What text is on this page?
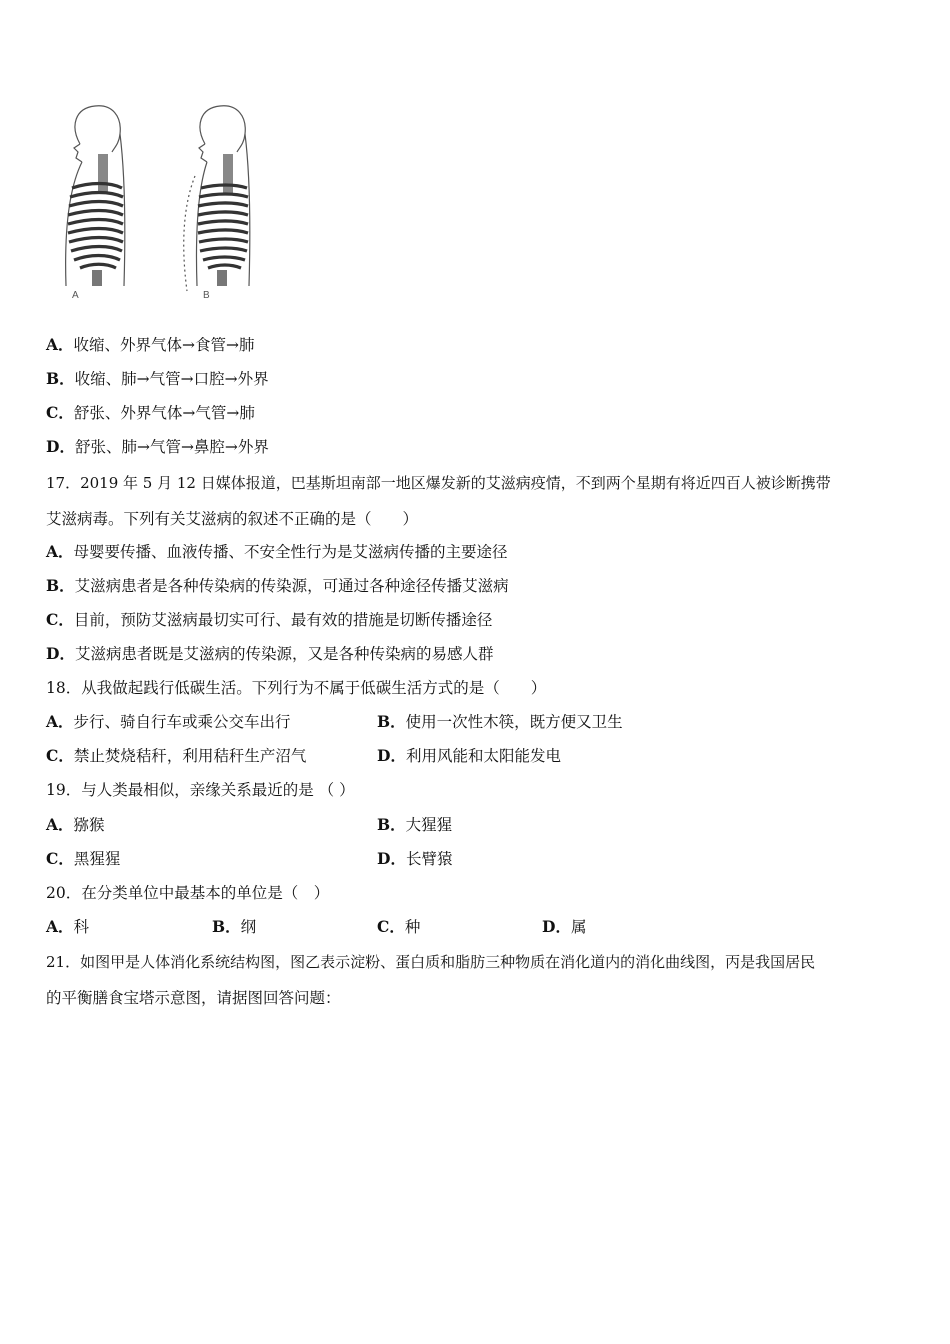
A	B
A．收缩、外界气体→食管→肺
B．收缩、肺→气管→口腔→外界
C．舒张、外界气体→气管→肺
D．舒张、肺→气管→鼻腔→外界
17．2019 年 5 月 12 日媒体报道，巴基斯坦南部一地区爆发新的艾滋病疫情，不到两个星期有将近四百人被诊断携带
艾滋病毒。下列有关艾滋病的叙述不正确的是（　　）
A．母婴要传播、血液传播、不安全性行为是艾滋病传播的主要途径
B．艾滋病患者是各种传染病的传染源，可通过各种途径传播艾滋病
C．目前，预防艾滋病最切实可行、最有效的措施是切断传播途径
D．艾滋病患者既是艾滋病的传染源，又是各种传染病的易感人群
18．从我做起践行低碳生活。下列行为不属于低碳生活方式的是（　　）
A．步行、骑自行车或乘公交车出行	B．使用一次性木筷，既方便又卫生
C．禁止焚烧秸秆，利用秸秆生产沼气	D．利用风能和太阳能发电
19．与人类最相似，亲缘关系最近的是 （ ）
A．猕猴	B．大猩猩
C．黑猩猩	D．长臂猿
20．在分类单位中最基本的单位是（　）
A．科	B．纲	C．种	D．属
21．如图甲是人体消化系统结构图，图乙表示淀粉、蛋白质和脂肪三种物质在消化道内的消化曲线图，丙是我国居民
的平衡膳食宝塔示意图，请据图回答问题：
